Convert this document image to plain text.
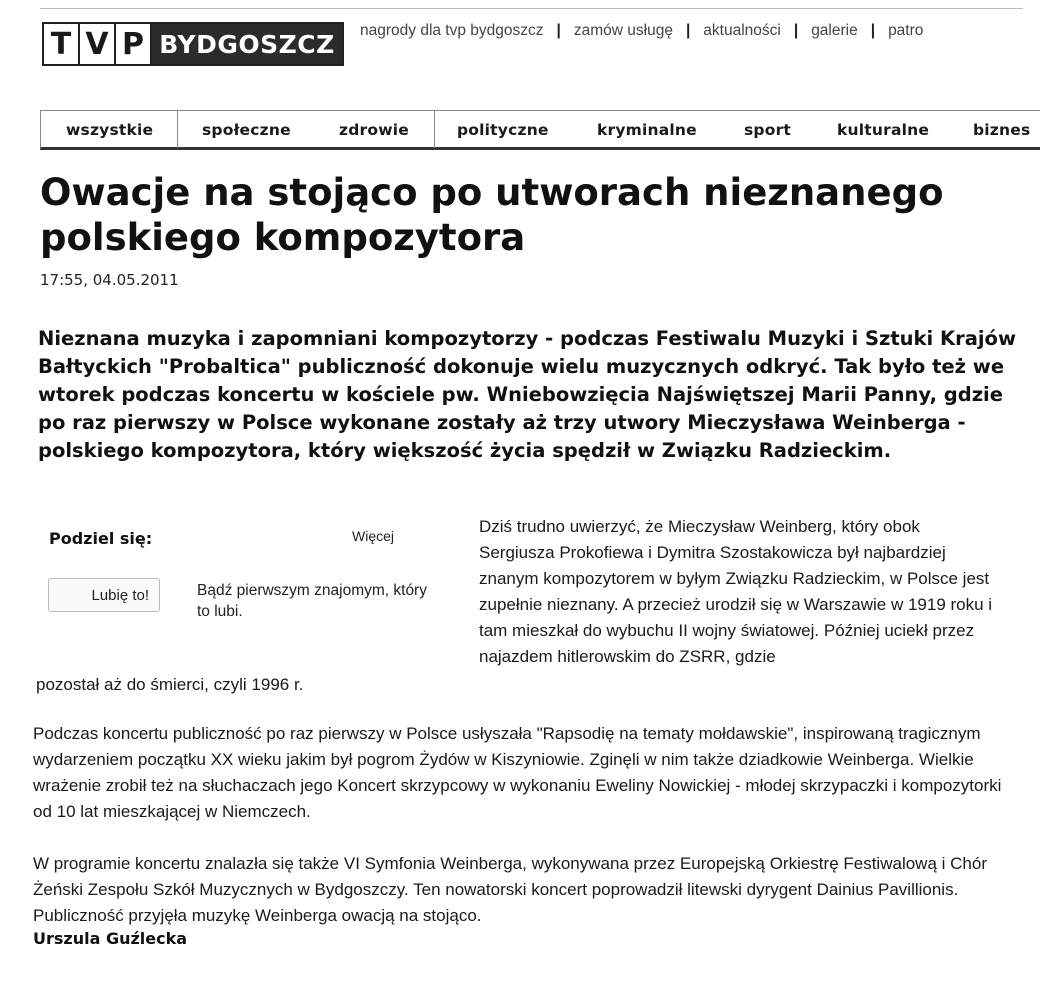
T V P BYDGOSZCZ	nagrody dla tvp bydgoszcz | zamów usługę | aktualności | galerie | patro
wszystkie	społeczne	zdrowie	polityczne	kryminalne	sport	kulturalne	biznes
Owacje na stojąco po utworach nieznanego polskiego kompozytora
17:55, 04.05.2011

Nieznana muzyka i zapomniani kompozytorzy - podczas Festiwalu Muzyki i Sztuki Krajów Bałtyckich "Probaltica" publiczność dokonuje wielu muzycznych odkryć. Tak było też we wtorek podczas koncertu w kościele pw. Wniebowzięcia Najświętszej Marii Panny, gdzie po raz pierwszy w Polsce wykonane zostały aż trzy utwory Mieczysława Weinberga - polskiego kompozytora, który większość życia spędził w Związku Radzieckim.

Podziel się:	Więcej
Lubię to!	Bądź pierwszym znajomym, który to lubi.

Dziś trudno uwierzyć, że Mieczysław Weinberg, który obok Sergiusza Prokofiewa i Dymitra Szostakowicza był najbardziej znanym kompozytorem w byłym Związku Radzieckim, w Polsce jest zupełnie nieznany. A przecież urodził się w Warszawie w 1919 roku i tam mieszkał do wybuchu II wojny światowej. Później uciekł przez najazdem hitlerowskim do ZSRR, gdzie

pozostał aż do śmierci, czyli 1996 r.

Podczas koncertu publiczność po raz pierwszy w Polsce usłyszała "Rapsodię na tematy mołdawskie", inspirowaną tragicznym wydarzeniem początku XX wieku jakim był pogrom Żydów w Kiszyniowie. Zginęli w nim także dziadkowie Weinberga. Wielkie wrażenie zrobił też na słuchaczach jego Koncert skrzypcowy w wykonaniu Eweliny Nowickiej - młodej skrzypaczki i kompozytorki od 10 lat mieszkającej w Niemczech.

W programie koncertu znalazła się także VI Symfonia Weinberga, wykonywana przez Europejską Orkiestrę Festiwalową i Chór Żeński Zespołu Szkół Muzycznych w Bydgoszczy. Ten nowatorski koncert poprowadził litewski dyrygent Dainius Pavillionis. Publiczność przyjęła muzykę Weinberga owacją na stojąco.

Urszula Guźlecka
